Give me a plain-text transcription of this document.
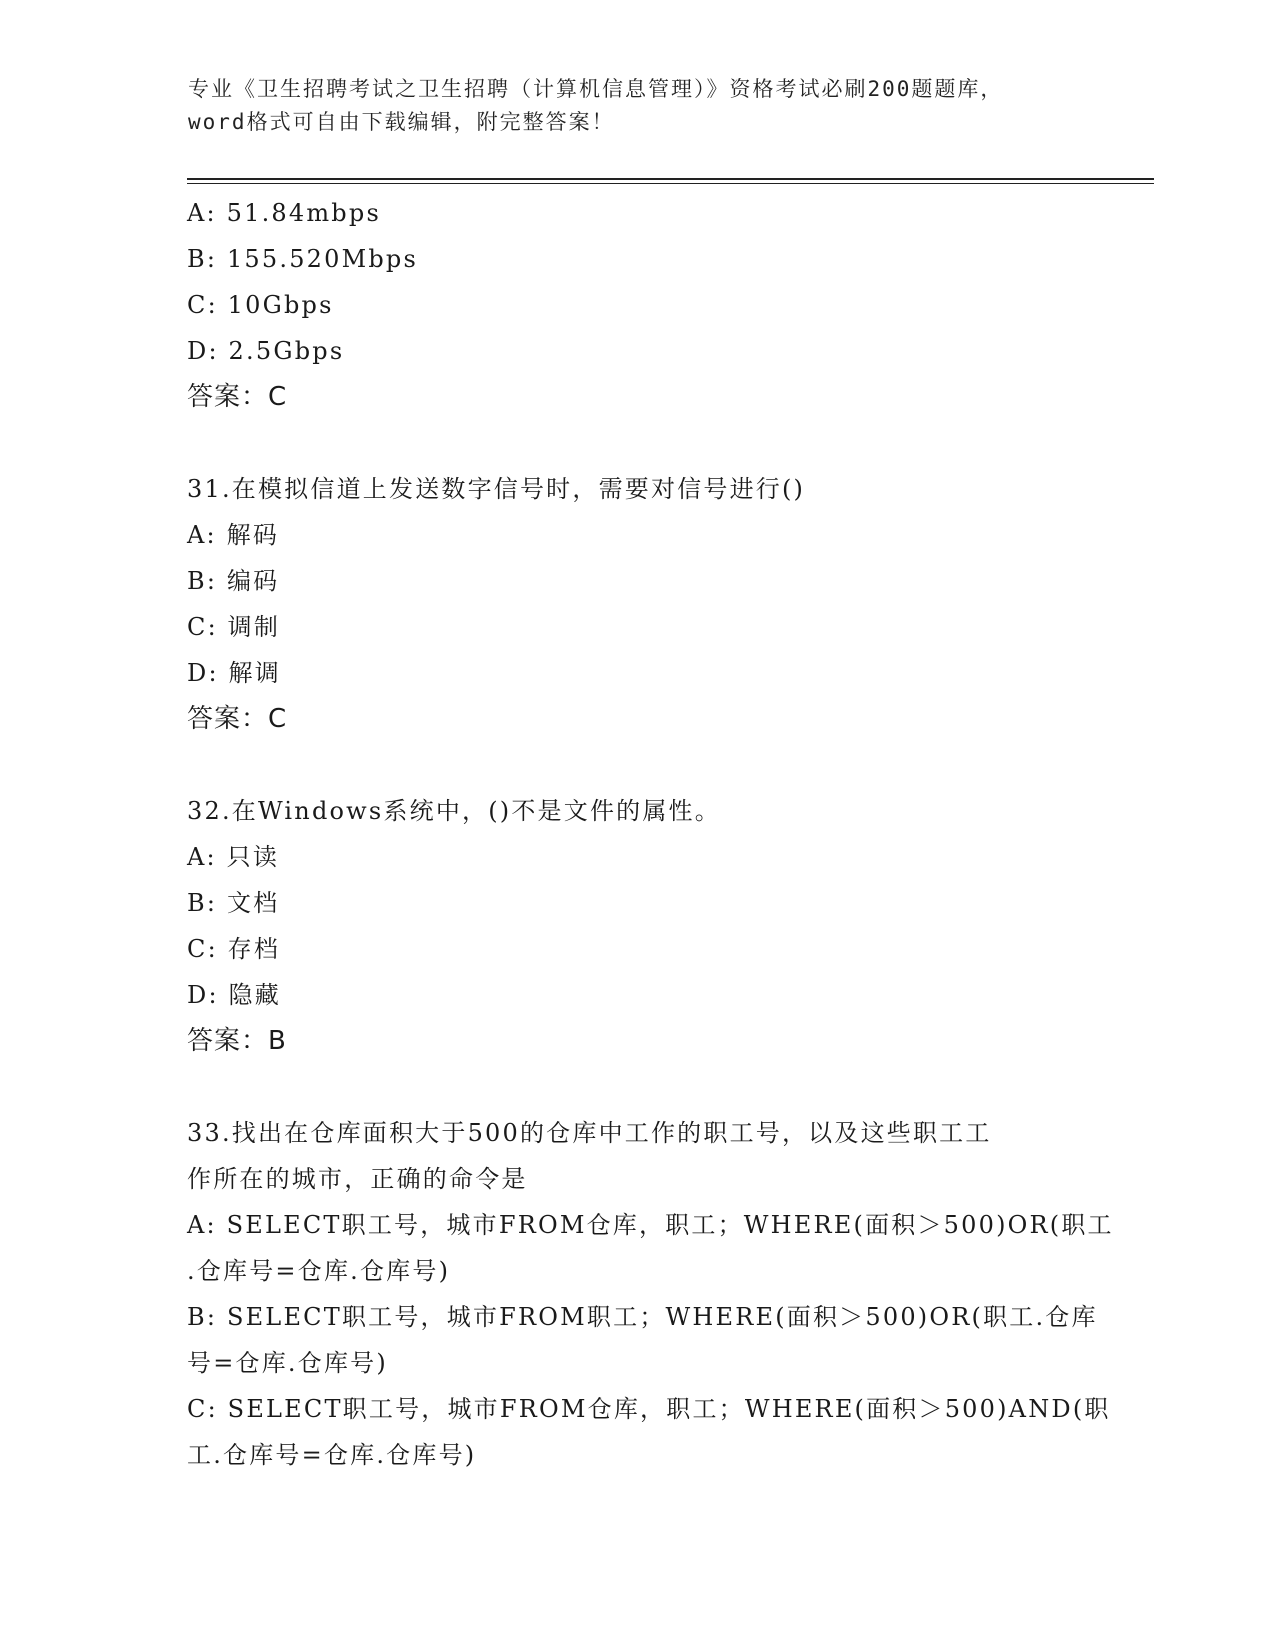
专业《卫生招聘考试之卫生招聘（计算机信息管理）》资格考试必刷200题题库，
word格式可自由下载编辑，附完整答案！
A: 51.84mbps
B: 155.520Mbps
C: 10Gbps
D: 2.5Gbps
答案：C
31.在模拟信道上发送数字信号时，需要对信号进行()
A: 解码
B: 编码
C: 调制
D: 解调
答案：C
32.在Windows系统中，()不是文件的属性。
A: 只读
B: 文档
C: 存档
D: 隐藏
答案：B
33.找出在仓库面积大于500的仓库中工作的职工号，以及这些职工工
作所在的城市，正确的命令是
A: SELECT职工号，城市FROM仓库，职工；WHERE(面积＞500)OR(职工
.仓库号=仓库.仓库号)
B: SELECT职工号，城市FROM职工；WHERE(面积＞500)OR(职工.仓库
号=仓库.仓库号)
C: SELECT职工号，城市FROM仓库，职工；WHERE(面积＞500)AND(职
工.仓库号=仓库.仓库号)
